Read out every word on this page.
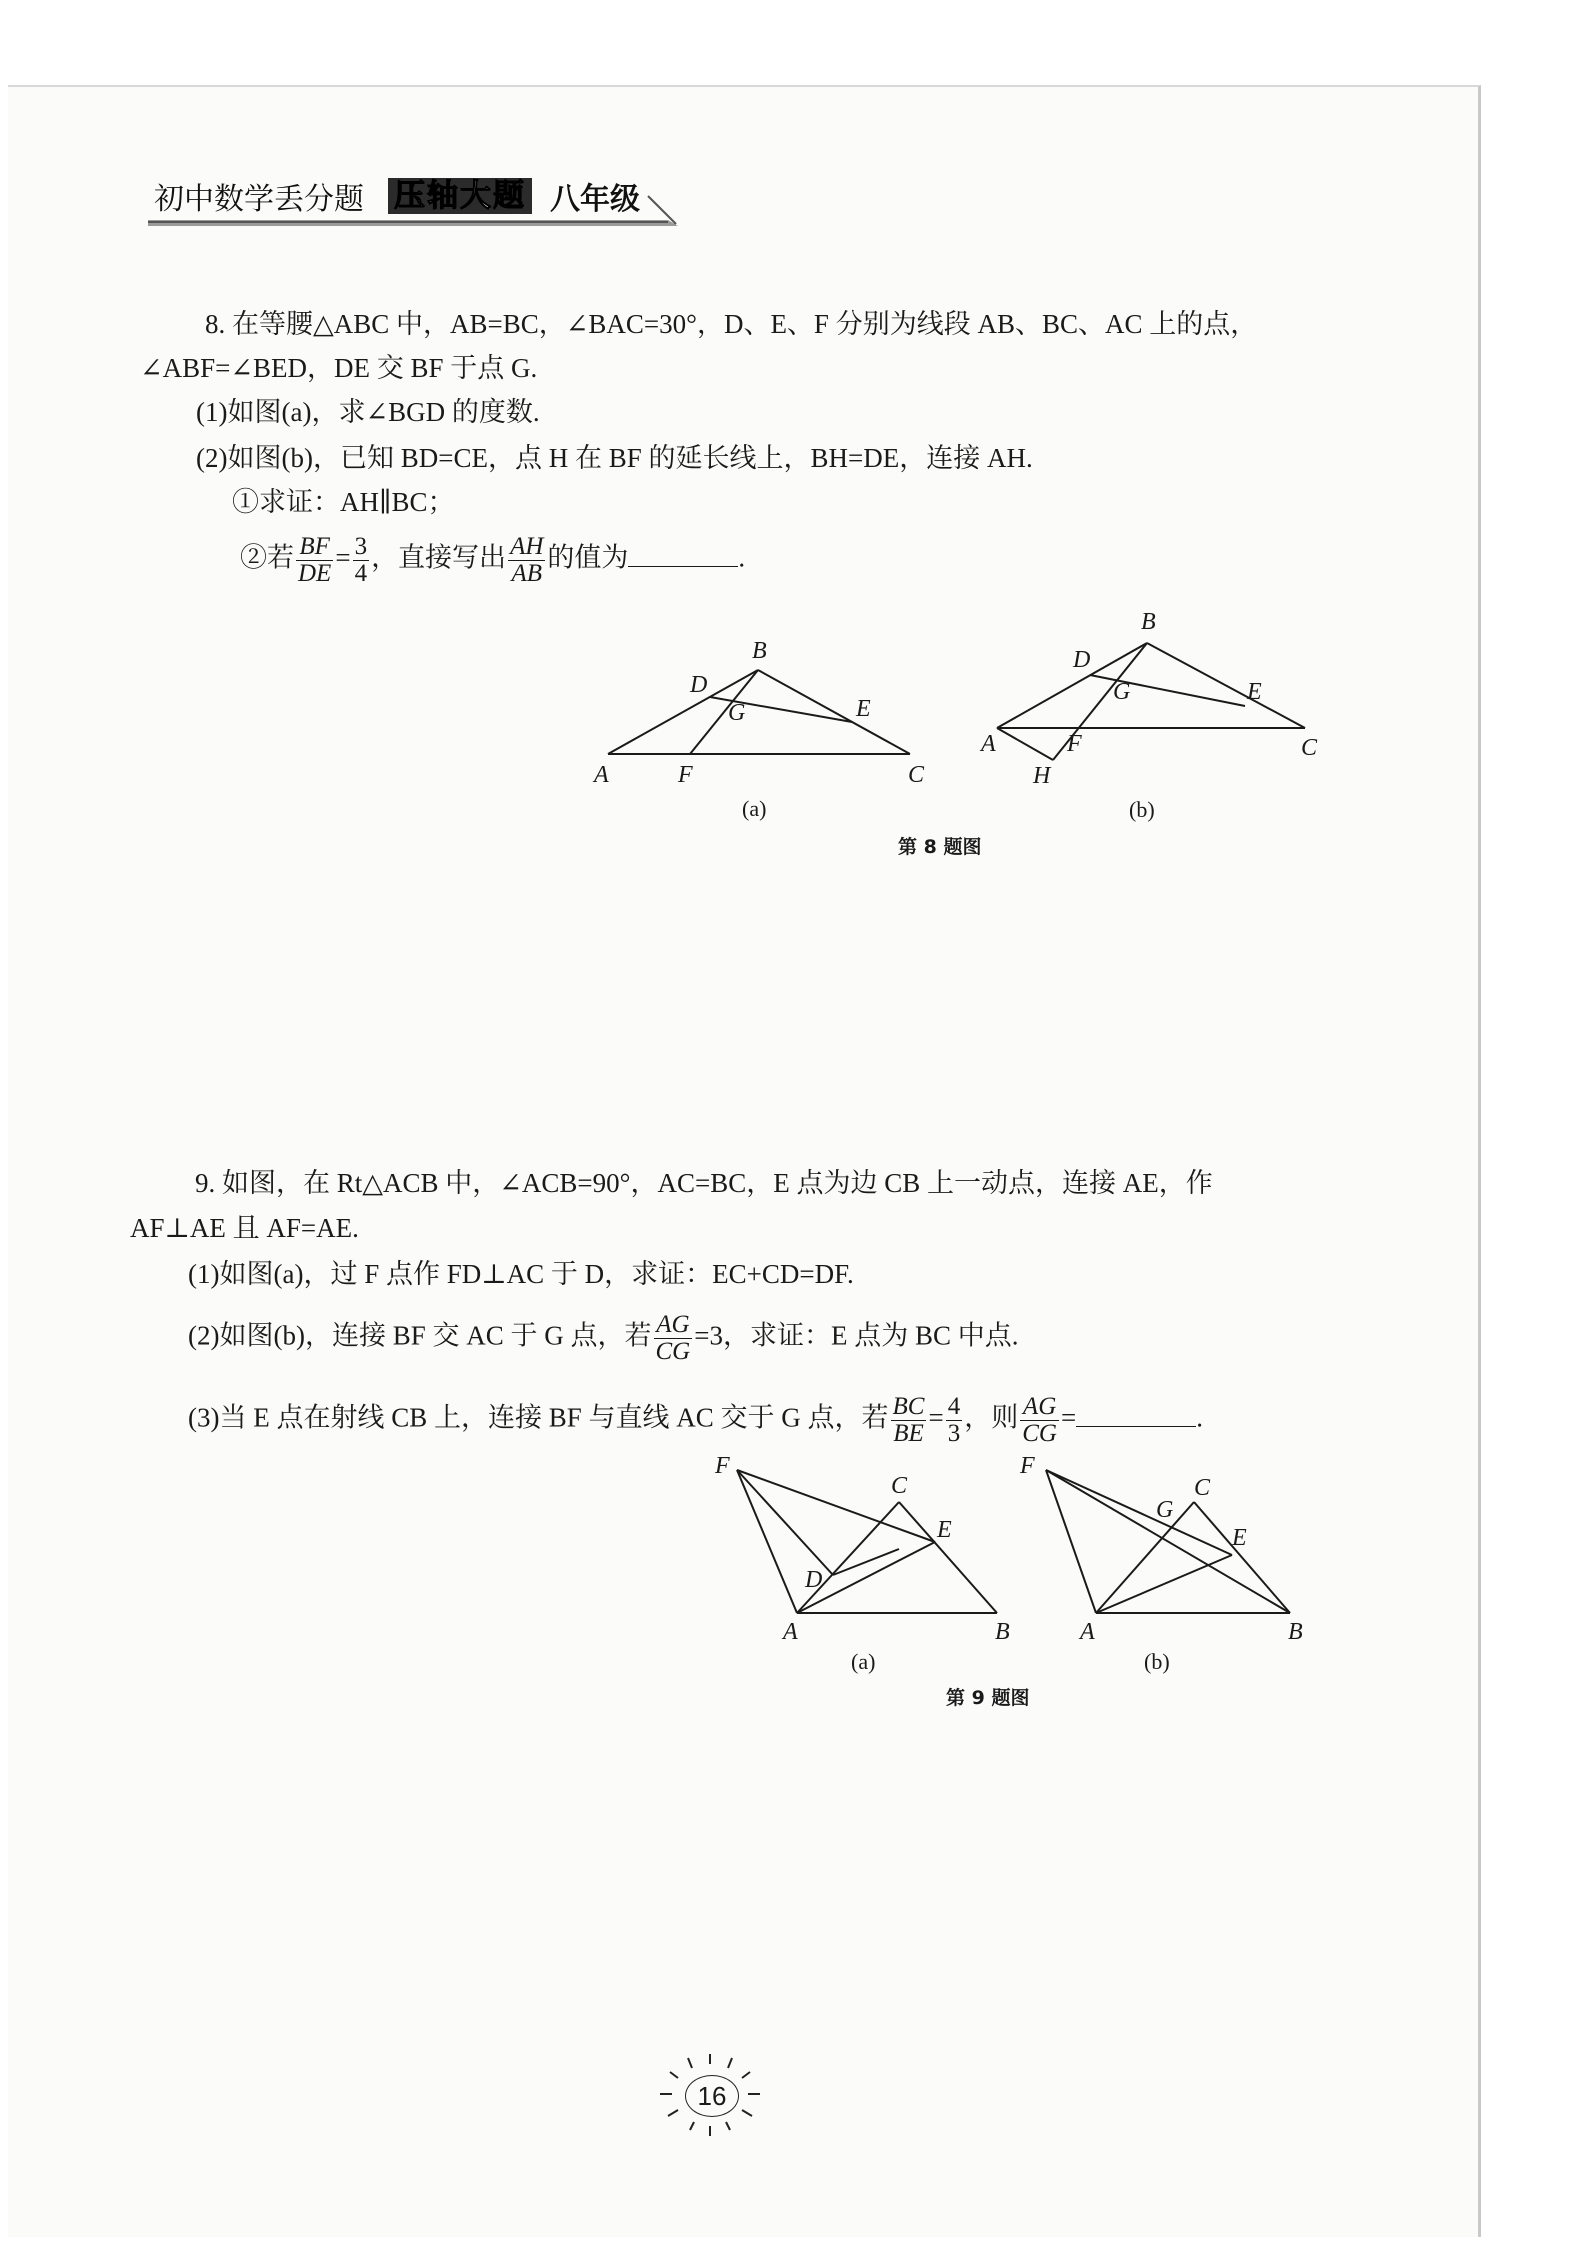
初中数学丢分题 压轴大题 八年级
8. 在等腰△ABC 中，AB=BC，∠BAC=30°，D、E、F 分别为线段 AB、BC、AC 上的点，
∠ABF=∠BED，DE 交 BF 于点 G.
(1)如图(a)，求∠BGD 的度数.
(2)如图(b)，已知 BD=CE，点 H 在 BF 的延长线上，BH=DE，连接 AH.
①求证：AH∥BC；
②若 $\frac{BF}{DE} = \frac{3}{4}$ ，直接写出 $\frac{AH}{AB}$ 的值为	.
A
B
C
D
E
F
G
(a)
A
B
C
D
E
F
G
H
(b)
第 8 题图
9. 如图，在 Rt△ACB 中，∠ACB=90°，AC=BC，E 点为边 CB 上一动点，连接 AE，作
AF⊥AE 且 AF=AE.
(1)如图(a)，过 F 点作 FD⊥AC 于 D，求证：EC+CD=DF.
(2)如图(b)，连接 BF 交 AC 于 G 点，若 $\frac{AG}{CG} =3$，求证：E 点为 BC 中点.
(3)当 E 点在射线 CB 上，连接 BF 与直线 AC 交于 G 点，若 $\frac{BC}{BE} = \frac{4}{3}$ ，则 $\frac{AG}{CG}$ =	.
F
C
E
D
A	B
(a)
F
C
G
E
A	B
(b)
第 9 题图
16
